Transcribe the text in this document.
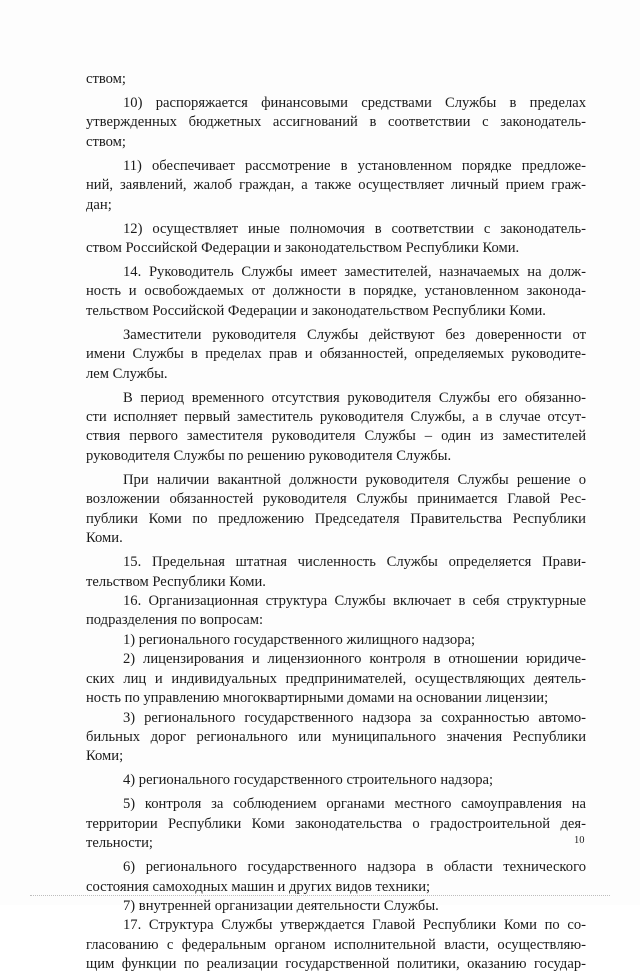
ством;
10) распоряжается финансовыми средствами Службы в пределах
утвержденных бюджетных ассигнований в соответствии с законодатель-
ством;
11) обеспечивает рассмотрение в установленном порядке предложе-
ний, заявлений, жалоб граждан, а также осуществляет личный прием граж-
дан;
12) осуществляет иные полномочия в соответствии с законодатель-
ством Российской Федерации и законодательством Республики Коми.
14. Руководитель Службы имеет заместителей, назначаемых на долж-
ность и освобождаемых от должности в порядке, установленном законода-
тельством Российской Федерации и законодательством Республики Коми.
Заместители руководителя Службы действуют без доверенности от
имени Службы в пределах прав и обязанностей, определяемых руководите-
лем Службы.
В период временного отсутствия руководителя Службы его обязанно-
сти исполняет первый заместитель руководителя Службы, а в случае отсут-
ствия первого заместителя руководителя Службы – один из заместителей
руководителя Службы по решению руководителя Службы.
При наличии вакантной должности руководителя Службы решение о
возложении обязанностей руководителя Службы принимается Главой Рес-
публики Коми по предложению Председателя Правительства Республики
Коми.
15. Предельная штатная численность Службы определяется Прави-
тельством Республики Коми.
16. Организационная структура Службы включает в себя структурные
подразделения по вопросам:
1) регионального государственного жилищного надзора;
2) лицензирования и лицензионного контроля в отношении юридиче-
ских лиц и индивидуальных предпринимателей, осуществляющих деятель-
ность по управлению многоквартирными домами на основании лицензии;
3) регионального государственного надзора за сохранностью автомо-
бильных дорог регионального или муниципального значения Республики
Коми;
4) регионального государственного строительного надзора;
5) контроля за соблюдением органами местного самоуправления на
территории Республики Коми законодательства о градостроительной дея-
тельности;
6) регионального государственного надзора в области технического
состояния самоходных машин и других видов техники;
7) внутренней организации деятельности Службы.
17. Структура Службы утверждается Главой Республики Коми по со-
гласованию с федеральным органом исполнительной власти, осуществляю-
щим функции по реализации государственной политики, оказанию государ-
10
